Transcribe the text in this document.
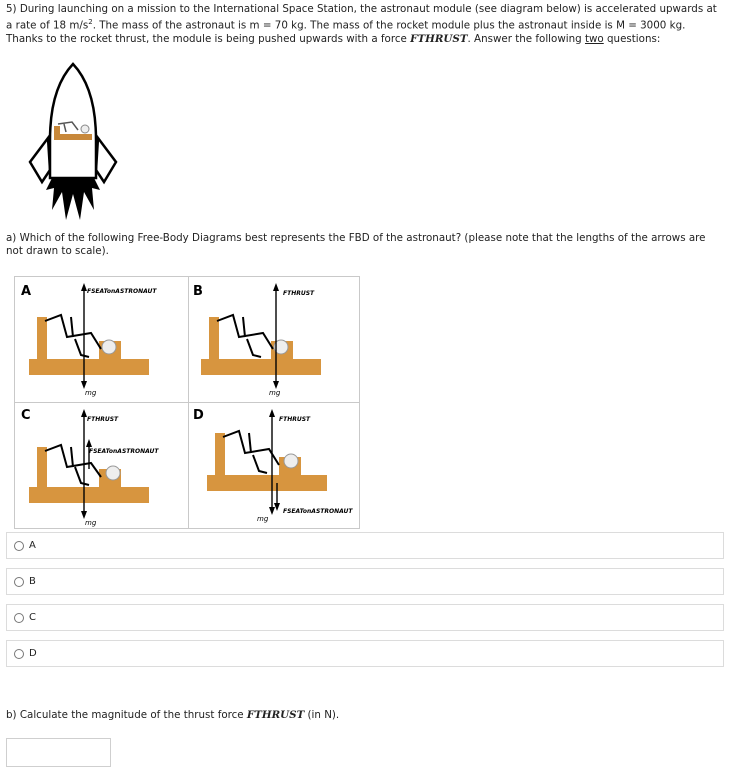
5) During launching on a mission to the International Space Station, the astronaut module (see diagram below) is accelerated upwards at a rate of 18 $m/s^2$. The mass of the astronaut is m = 70 kg. The mass of the rocket module plus the astronaut inside is M = 3000 kg. Thanks to the rocket thrust, the module is being pushed upwards with a force FTHRUST. Answer the following two questions:
a) Which of the following Free-Body Diagrams best represents the FBD of the astronaut? (please note that the lengths of the arrows are not drawn to scale).
A	FSEATonASTRONAUT
mg
B	FTHRUST
mg
C	FTHRUST
FSEATonASTRONAUT
mg
D	FTHRUST
FSEATonASTRONAUT
mg
A
B
C
D
b) Calculate the magnitude of the thrust force FTHRUST (in N).
